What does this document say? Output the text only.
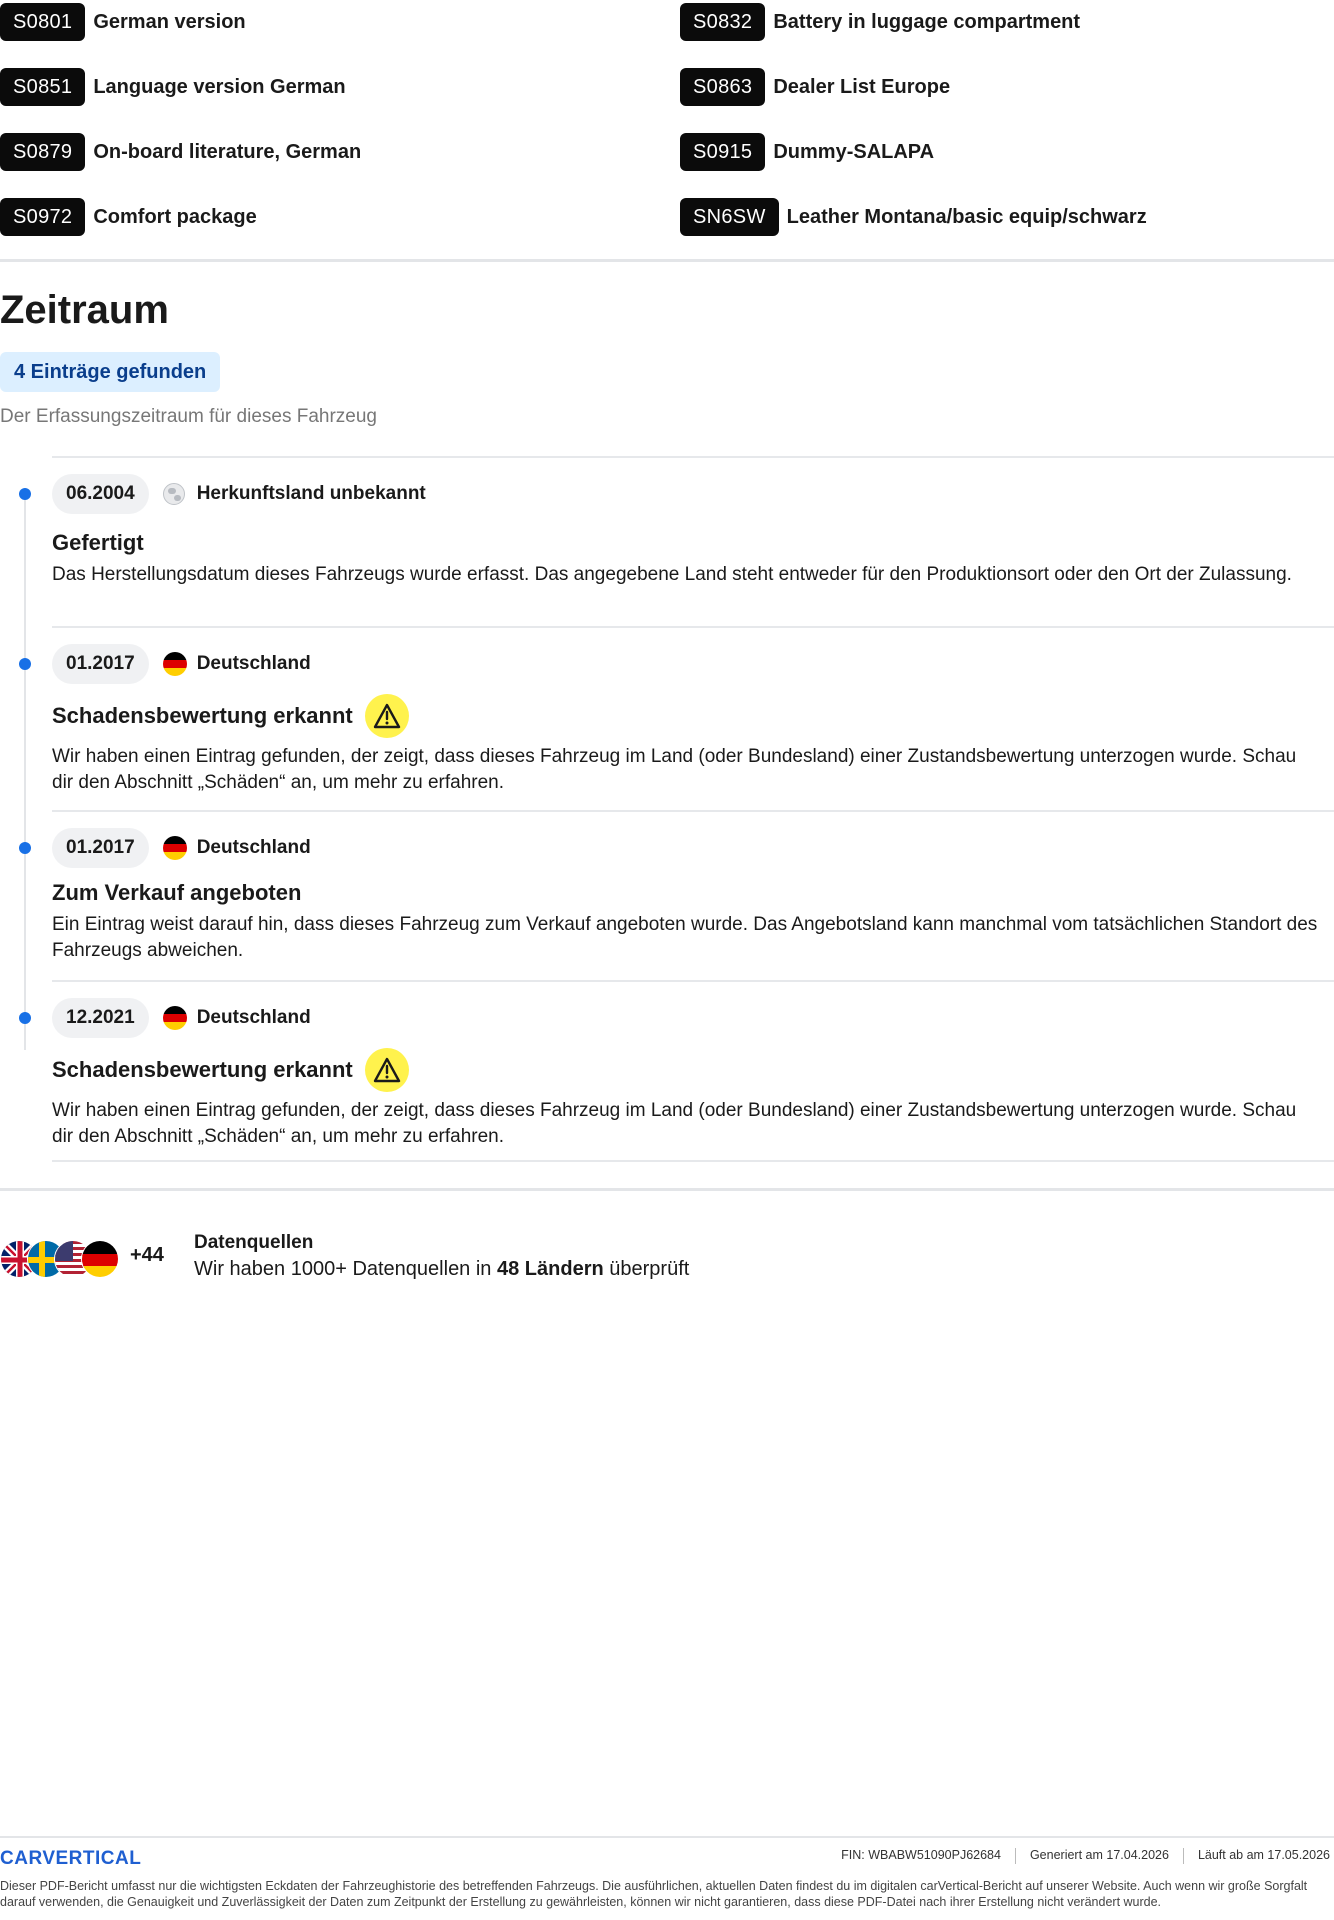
S0801	German version	S0832	Battery in luggage compartment
S0851	Language version German	S0863	Dealer List Europe
S0879	On-board literature, German	S0915	Dummy-SALAPA
S0972	Comfort package	SN6SW	Leather Montana/basic equip/schwarz
Zeitraum
4 Einträge gefunden
Der Erfassungszeitraum für dieses Fahrzeug
06.2004	Herkunftsland unbekannt
Gefertigt

Das Herstellungsdatum dieses Fahrzeugs wurde erfasst. Das angegebene Land steht entweder für den Produktionsort oder den Ort der Zulassung.

01.2017	Deutschland
Schadensbewertung erkannt

Wir haben einen Eintrag gefunden, der zeigt, dass dieses Fahrzeug im Land (oder Bundesland) einer Zustandsbewertung unterzogen wurde. Schau dir den Abschnitt „Schäden“ an, um mehr zu erfahren.

01.2017	Deutschland
Zum Verkauf angeboten

Ein Eintrag weist darauf hin, dass dieses Fahrzeug zum Verkauf angeboten wurde. Das Angebotsland kann manchmal vom tatsächlichen Standort des Fahrzeugs abweichen.

12.2021	Deutschland
Schadensbewertung erkannt

Wir haben einen Eintrag gefunden, der zeigt, dass dieses Fahrzeug im Land (oder Bundesland) einer Zustandsbewertung unterzogen wurde. Schau dir den Abschnitt „Schäden“ an, um mehr zu erfahren.

+44
Datenquellen
Wir haben 1000+ Datenquellen in 48 Ländern überprüft
CARVERTICAL	FIN: WBABW51090PJ62684 Generiert am 17.04.2026 Läuft ab am 17.05.2026

Dieser PDF-Bericht umfasst nur die wichtigsten Eckdaten der Fahrzeughistorie des betreffenden Fahrzeugs. Die ausführlichen, aktuellen Daten findest du im digitalen carVertical-Bericht auf unserer Website. Auch wenn wir große Sorgfalt darauf verwenden, die Genauigkeit und Zuverlässigkeit der Daten zum Zeitpunkt der Erstellung zu gewährleisten, können wir nicht garantieren, dass diese PDF-Datei nach ihrer Erstellung nicht verändert wurde.
